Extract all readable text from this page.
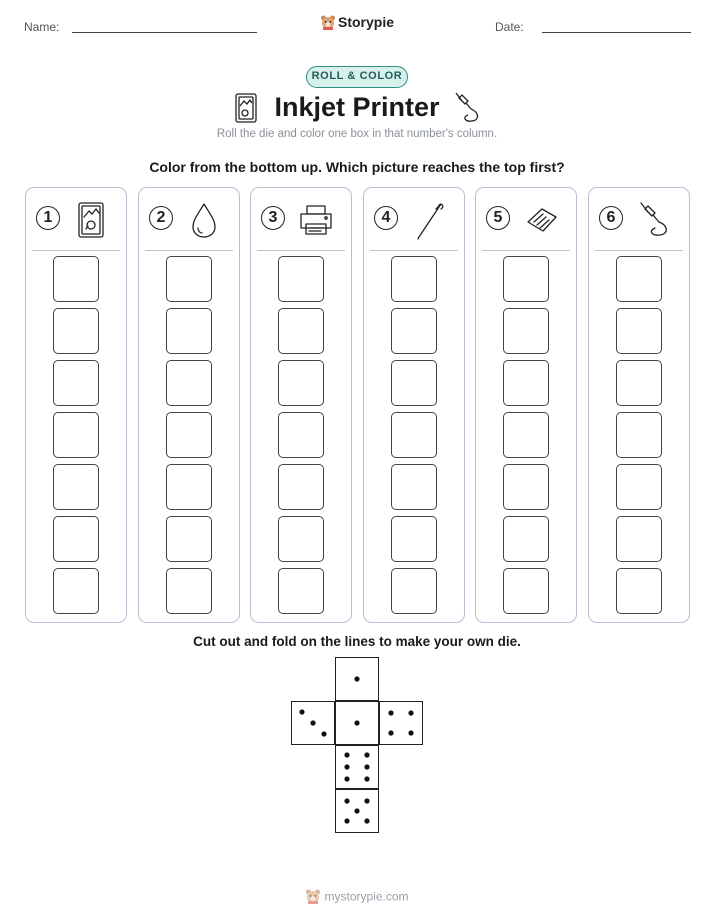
Name:	Date:
Storypie
ROLL & COLOR
Inkjet Printer
Roll the die and color one box in that number's column.
Color from the bottom up. Which picture reaches the top first?
1	2	3	4	5	6
Cut out and fold on the lines to make your own die.
mystorypie.com
